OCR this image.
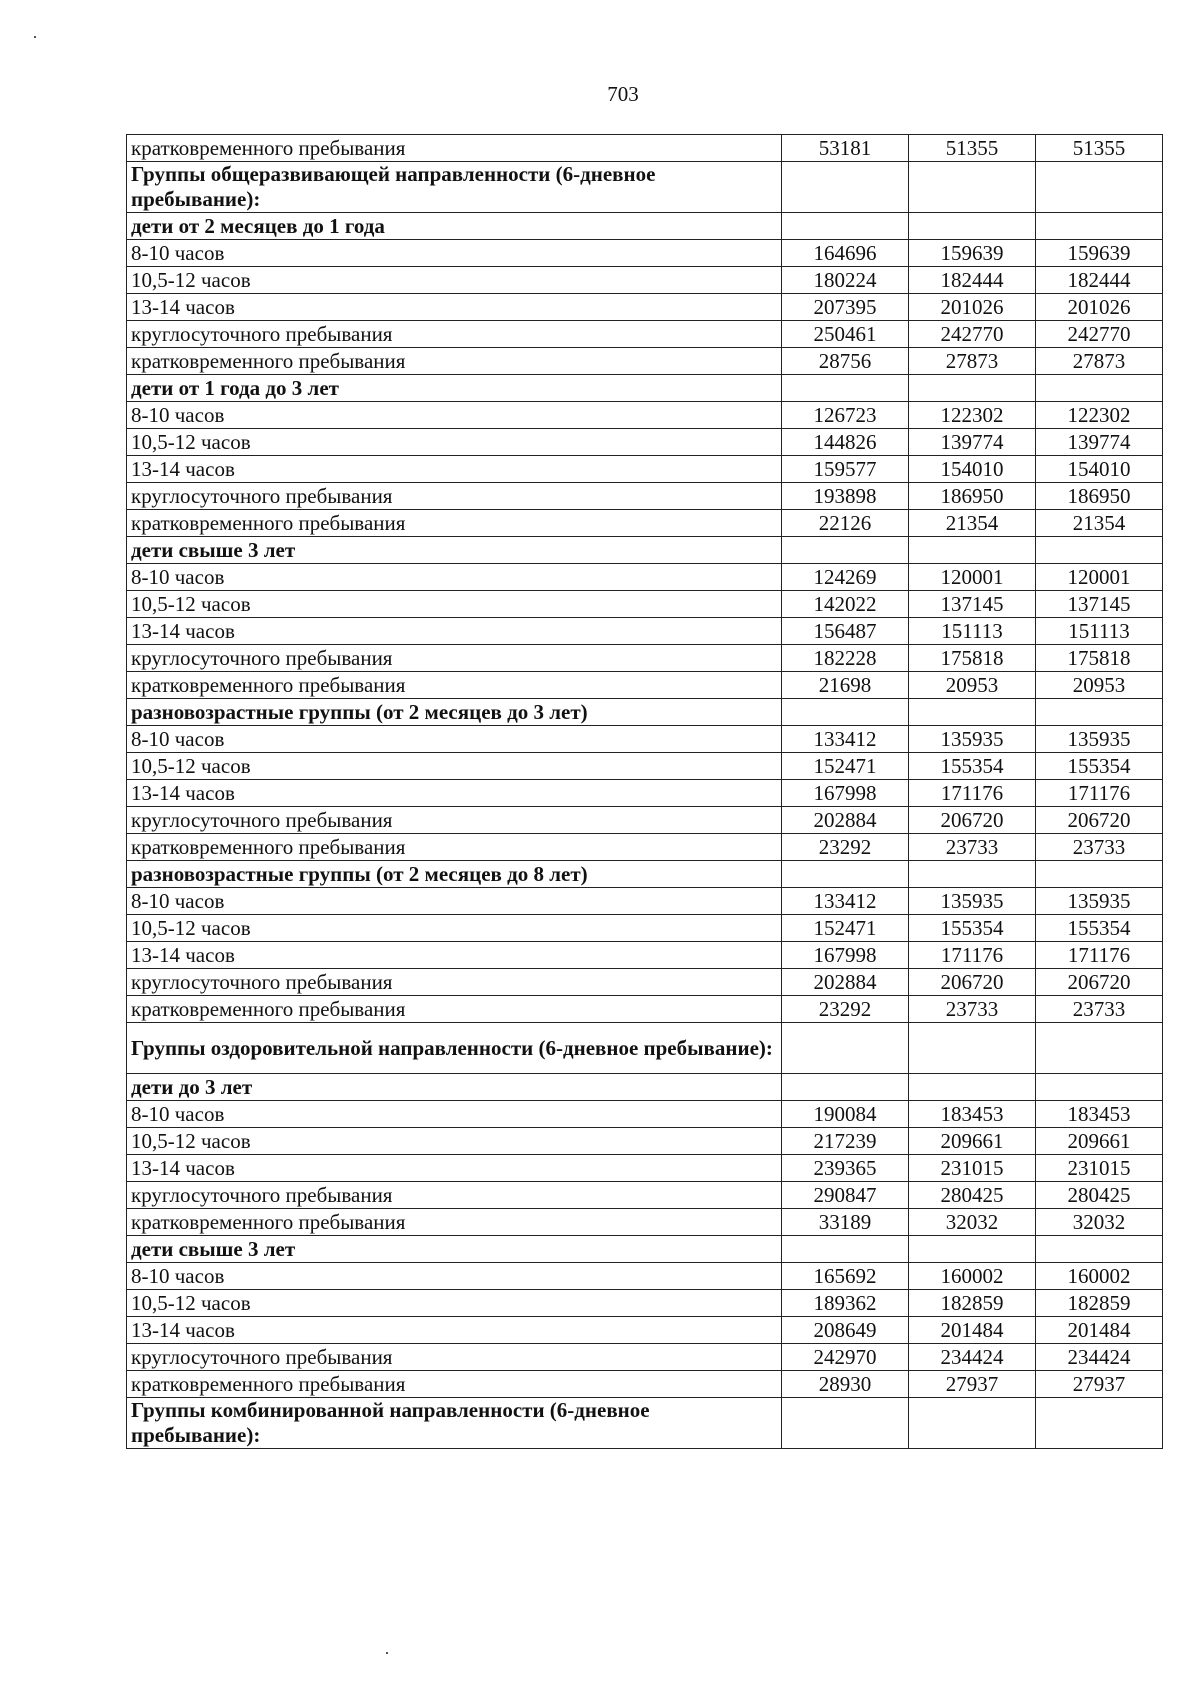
703
кратковременного пребывания	53181	51355	51355
Группы общеразвивающей направленности (6-дневное пребывание):			
дети от 2 месяцев до 1 года			
8-10 часов	164696	159639	159639
10,5-12 часов	180224	182444	182444
13-14 часов	207395	201026	201026
круглосуточного пребывания	250461	242770	242770
кратковременного пребывания	28756	27873	27873
дети от 1 года до 3 лет			
8-10 часов	126723	122302	122302
10,5-12 часов	144826	139774	139774
13-14 часов	159577	154010	154010
круглосуточного пребывания	193898	186950	186950
кратковременного пребывания	22126	21354	21354
дети свыше 3 лет			
8-10 часов	124269	120001	120001
10,5-12 часов	142022	137145	137145
13-14 часов	156487	151113	151113
круглосуточного пребывания	182228	175818	175818
кратковременного пребывания	21698	20953	20953
разновозрастные группы (от 2 месяцев до 3 лет)			
8-10 часов	133412	135935	135935
10,5-12 часов	152471	155354	155354
13-14 часов	167998	171176	171176
круглосуточного пребывания	202884	206720	206720
кратковременного пребывания	23292	23733	23733
разновозрастные группы (от 2 месяцев до 8 лет)			
8-10 часов	133412	135935	135935
10,5-12 часов	152471	155354	155354
13-14 часов	167998	171176	171176
круглосуточного пребывания	202884	206720	206720
кратковременного пребывания	23292	23733	23733
Группы оздоровительной направленности (6-дневное пребывание):			
дети до 3 лет			
8-10 часов	190084	183453	183453
10,5-12 часов	217239	209661	209661
13-14 часов	239365	231015	231015
круглосуточного пребывания	290847	280425	280425
кратковременного пребывания	33189	32032	32032
дети свыше 3 лет			
8-10 часов	165692	160002	160002
10,5-12 часов	189362	182859	182859
13-14 часов	208649	201484	201484
круглосуточного пребывания	242970	234424	234424
кратковременного пребывания	28930	27937	27937
Группы комбинированной направленности (6-дневное пребывание):			
